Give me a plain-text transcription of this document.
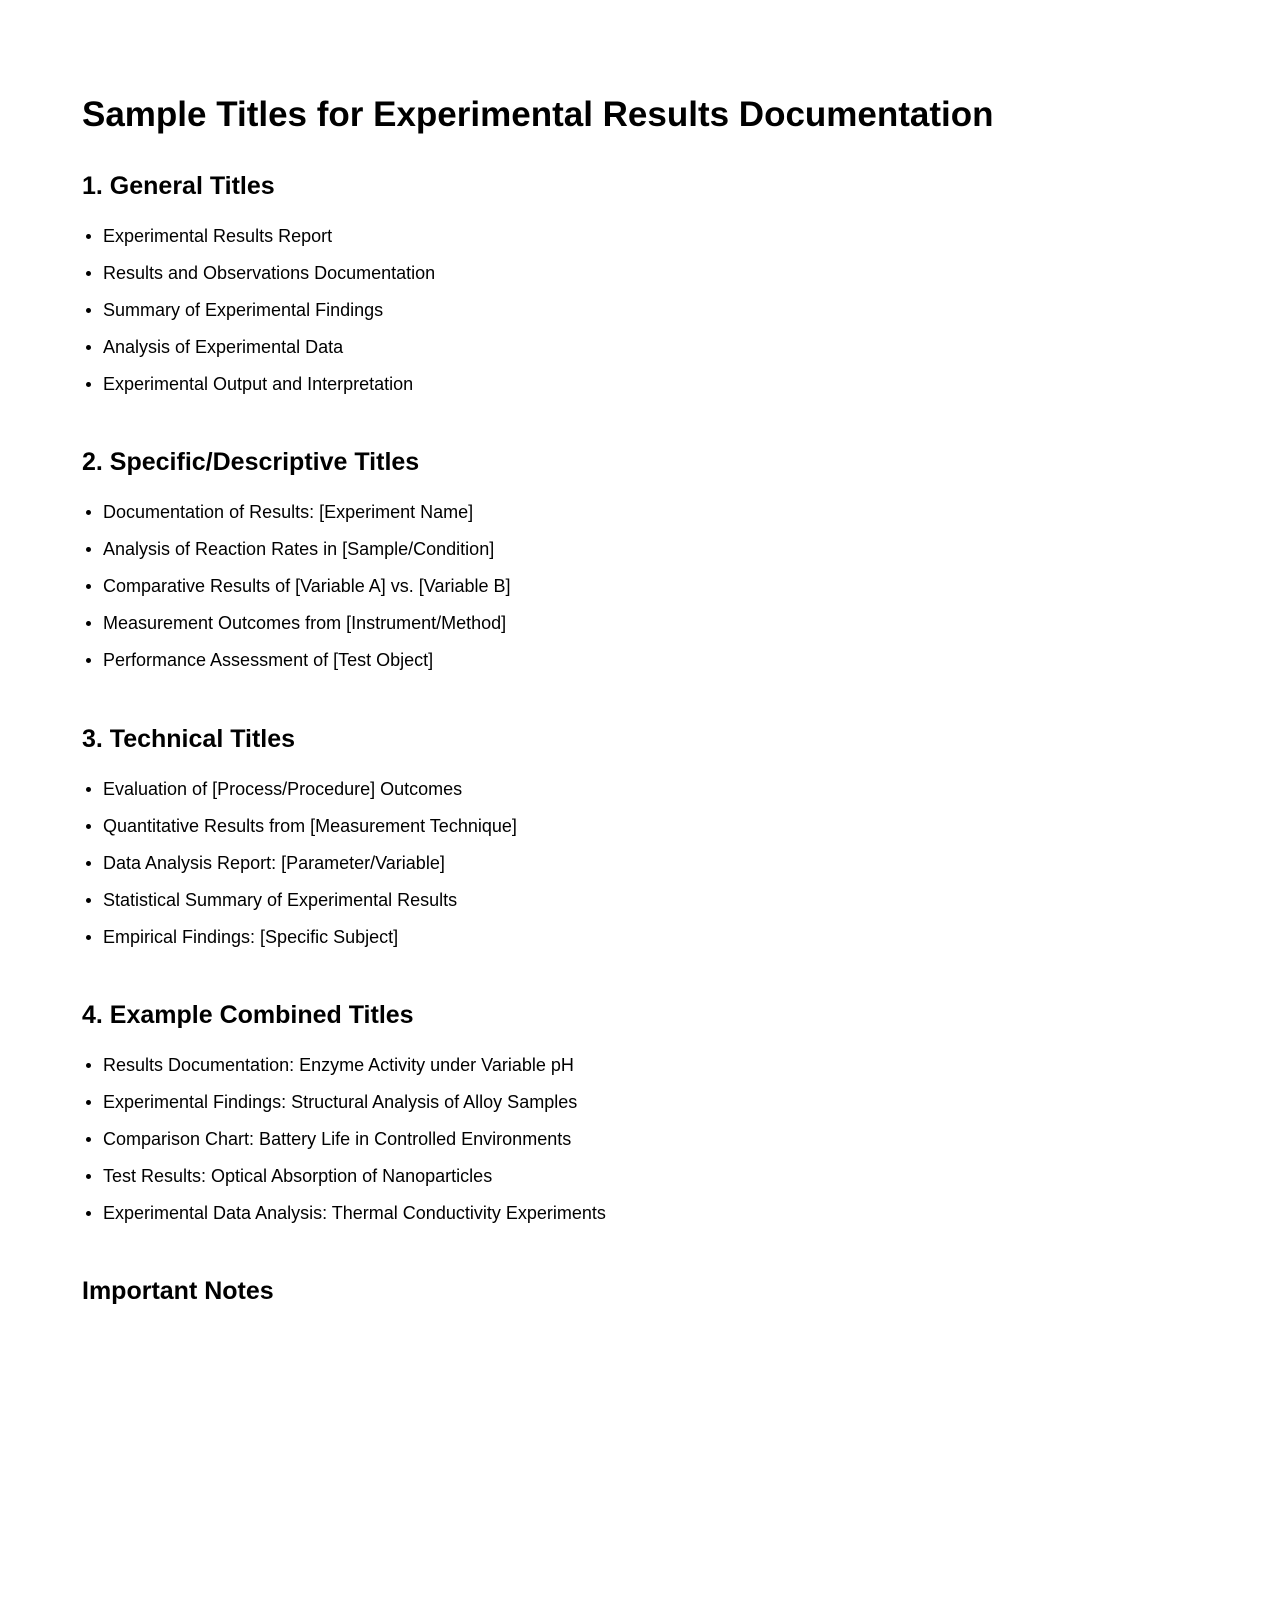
Sample Titles for Experimental Results Documentation
1. General Titles
Experimental Results Report
Results and Observations Documentation
Summary of Experimental Findings
Analysis of Experimental Data
Experimental Output and Interpretation
2. Specific/Descriptive Titles
Documentation of Results: [Experiment Name]
Analysis of Reaction Rates in [Sample/Condition]
Comparative Results of [Variable A] vs. [Variable B]
Measurement Outcomes from [Instrument/Method]
Performance Assessment of [Test Object]
3. Technical Titles
Evaluation of [Process/Procedure] Outcomes
Quantitative Results from [Measurement Technique]
Data Analysis Report: [Parameter/Variable]
Statistical Summary of Experimental Results
Empirical Findings: [Specific Subject]
4. Example Combined Titles
Results Documentation: Enzyme Activity under Variable pH
Experimental Findings: Structural Analysis of Alloy Samples
Comparison Chart: Battery Life in Controlled Environments
Test Results: Optical Absorption of Nanoparticles
Experimental Data Analysis: Thermal Conductivity Experiments
Important Notes
